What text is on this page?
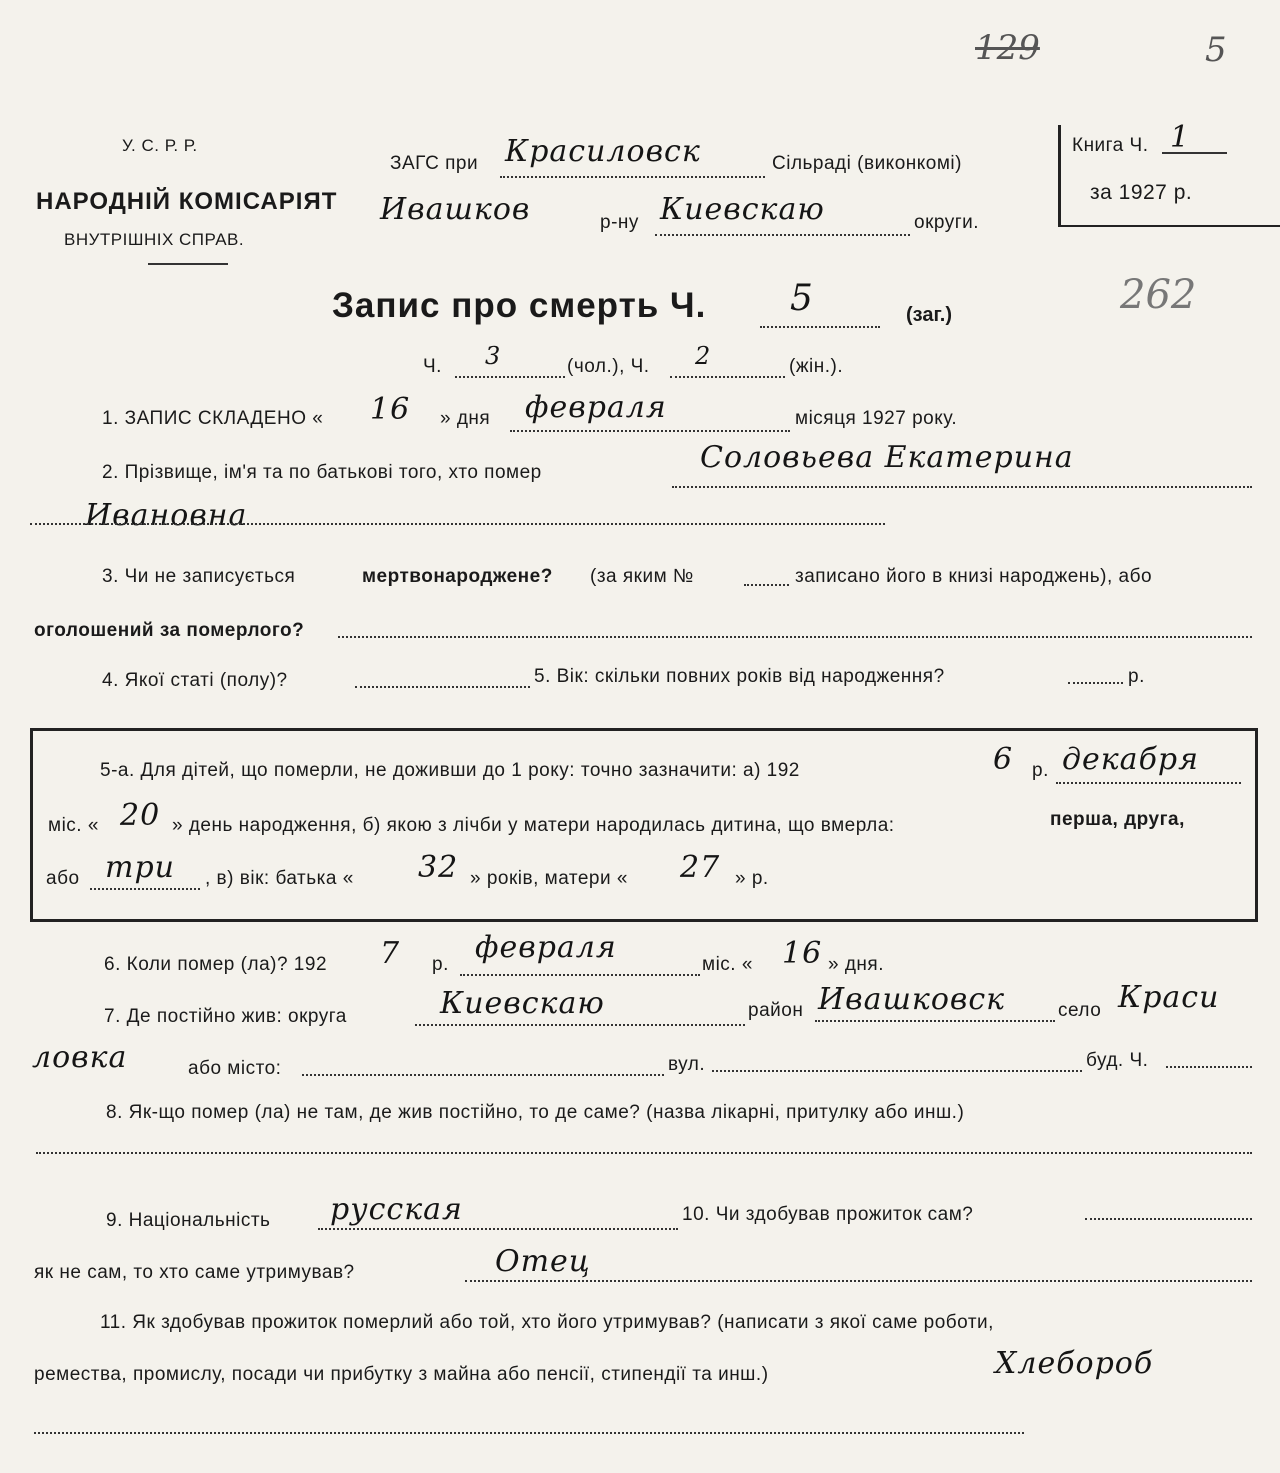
129	5
262
У. С. Р. Р.
НАРОДНІЙ КОМІСАРІЯТ
ВНУТРІШНІХ СПРАВ.
ЗАГС при Красиловск	Сільраді (виконкомі)
Ивашков	р-ну Киевскаю	округи.
Книга Ч. 1
за 1927 р.
Запис про смерть Ч. 5	(заг.)
Ч. 3	(чол.), Ч. 2	(жін.).
1. ЗАПИС СКЛАДЕНО « 16 » дня февраля	місяця 1927 року.
2. Прізвище, ім'я та по батькові того, хто помер	Соловьева Екатерина
Ивановна
3. Чи не записується	мертвонароджене? (за яким №	записано його в книзі народжень), або
оголошений за померлого?
4. Якої статі (полу)?	5. Вік: скільки повних років від народження?	р.
5-а. Для дітей, що померли, не доживши до 1 року: точно зазначити: а) 192	6 р. декабря
міс. « 20 » день народження, б) якою з лічби у матери народилась дитина, що вмерла:	перша, друга,
або три , в) вік: батька « 32 » років, матери « 27 » р.
6. Коли помер (ла)? 192 7 р. февраля	міс. « 16 » дня.
7. Де постійно жив: округа	Киевскаю	район Ивашковск	село Краси
ловка	або місто:	вул.	буд. Ч.
8. Як-що помер (ла) не там, де жив постійно, то де саме? (назва лікарні, притулку або инш.)
9. Національність русская	10. Чи здобував прожиток сам?
як не сам, то хто саме утримував?	Отец
11. Як здобував прожиток померлий або той, хто його утримував? (написати з якої саме роботи,
ремества, промислу, посади чи прибутку з майна або пенсії, стипендії та инш.)	Хлебороб
